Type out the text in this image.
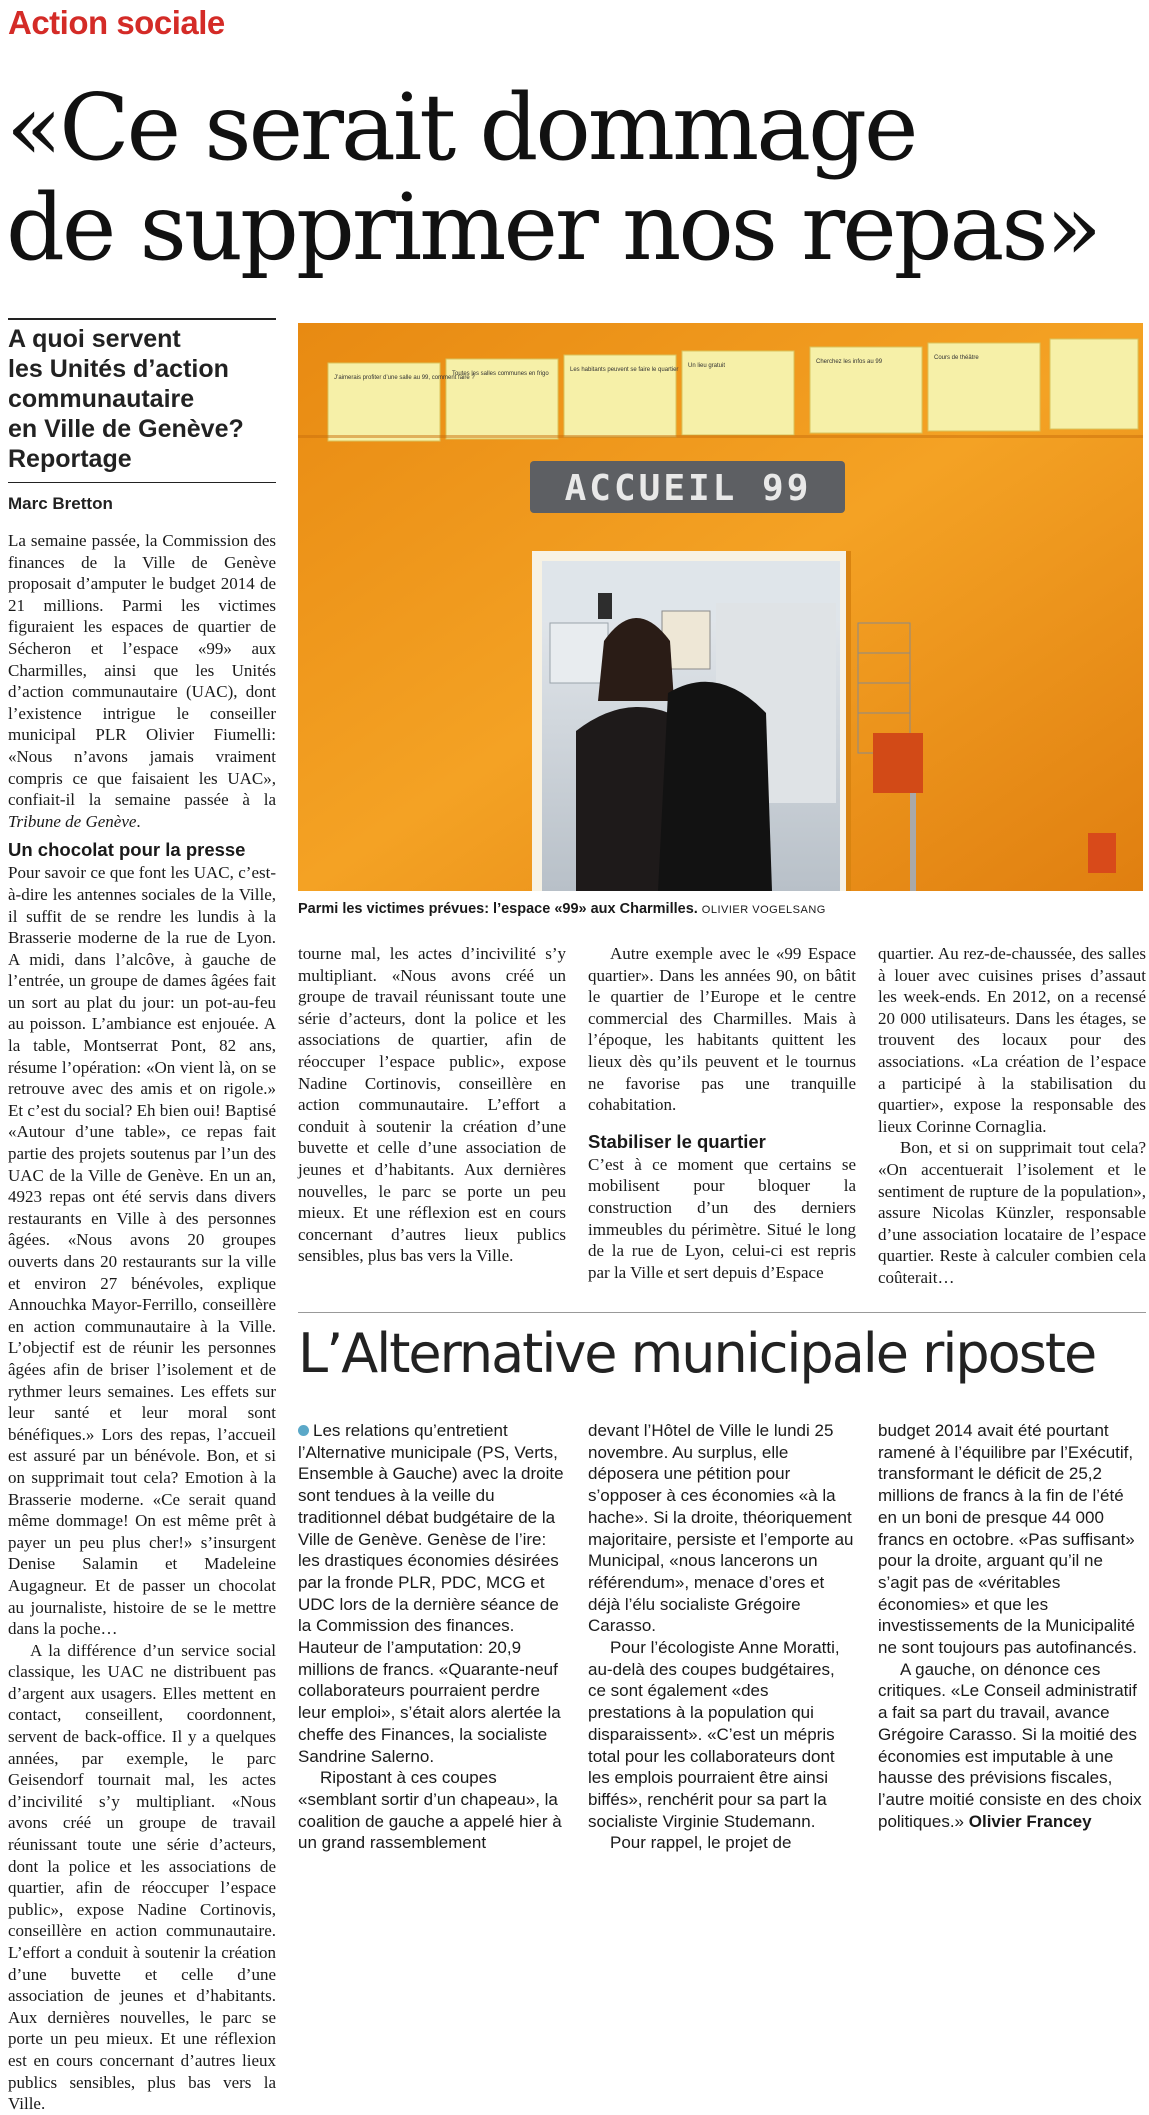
Action sociale
«Ce serait dommage
de supprimer nos repas»
A quoi servent
les Unités d’action
communautaire
en Ville de Genève?
Reportage
Marc Bretton

La semaine passée, la Commission des finances de la Ville de Genève proposait d’amputer le budget 2014 de 21 millions. Parmi les victimes figuraient les espaces de quartier de Sécheron et l’espace «99» aux Charmilles, ainsi que les Unités d’action communautaire (UAC), dont l’existence intrigue le conseiller municipal PLR Olivier Fiumelli: «Nous n’avons jamais vraiment compris ce que faisaient les UAC», confiait-il la semaine passée à la Tribune de Genève.

Un chocolat pour la presse

Pour savoir ce que font les UAC, c’est-à-dire les antennes sociales de la Ville, il suffit de se rendre les lundis à la Brasserie moderne de la rue de Lyon. A midi, dans l’alcôve, à gauche de l’entrée, un groupe de dames âgées fait un sort au plat du jour: un pot-au-feu au poisson. L’ambiance est enjouée. A la table, Montserrat Pont, 82 ans, résume l’opération: «On vient là, on se retrouve avec des amis et on rigole.» Et c’est du social? Eh bien oui! Baptisé «Autour d’une table», ce repas fait partie des projets soutenus par l’un des UAC de la Ville de Genève. En un an, 4923 repas ont été servis dans divers restaurants en Ville à des personnes âgées. «Nous avons 20 groupes ouverts dans 20 restaurants sur la ville et environ 27 bénévoles, explique Annouchka Mayor-Ferrillo, conseillère en action communautaire à la Ville. L’objectif est de réunir les personnes âgées afin de briser l’isolement et de rythmer leurs semaines. Les effets sur leur santé et leur moral sont bénéfiques.» Lors des repas, l’accueil est assuré par un bénévole. Bon, et si on supprimait tout cela? Emotion à la Brasserie moderne. «Ce serait quand même dommage! On est même prêt à payer un peu plus cher!» s’insurgent Denise Salamin et Madeleine Augagneur. Et de passer un chocolat au journaliste, histoire de se le mettre dans la poche…

A la différence d’un service social classique, les UAC ne distribuent pas d’argent aux usagers. Elles mettent en contact, conseillent, coordonnent, servent de back-office. Il y a quelques années, par exemple, le parc Geisendorf tournait mal, les actes d’incivilité s’y multipliant. «Nous avons créé un groupe de travail réunissant toute une série d’acteurs, dont la police et les associations de quartier, afin de réoccuper l’espace public», expose Nadine Cortinovis, conseillère en action communautaire. L’effort a conduit à soutenir la création d’une buvette et celle d’une association de jeunes et d’habitants. Aux dernières nouvelles, le parc se porte un peu mieux. Et une réflexion est en cours concernant d’autres lieux publics sensibles, plus bas vers la Ville.

J’aimerais profiter d’une salle au 99, comment faire ?
Toutes les salles communes en frigo
Les habitants peuvent se faire le quartier
Un lieu gratuit
Cherchez les infos au 99
Cours de théâtre
ACCUEIL 99
Parmi les victimes prévues: l’espace «99» aux Charmilles. OLIVIER VOGELSANG

tourne mal, les actes d’incivilité s’y multipliant. «Nous avons créé un groupe de travail réunissant toute une série d’acteurs, dont la police et les associations de quartier, afin de réoccuper l’espace public», expose Nadine Cortinovis, conseillère en action communautaire. L’effort a conduit à soutenir la création d’une buvette et celle d’une association de jeunes et d’habitants. Aux dernières nouvelles, le parc se porte un peu mieux. Et une réflexion est en cours concernant d’autres lieux publics sensibles, plus bas vers la Ville.

Autre exemple avec le «99 Espace quartier». Dans les années 90, on bâtit le quartier de l’Europe et le centre commercial des Charmilles. Mais à l’époque, les habitants quittent les lieux dès qu’ils peuvent et le tournus ne favorise pas une tranquille cohabitation.

Stabiliser le quartier

C’est à ce moment que certains se mobilisent pour bloquer la construction d’un des derniers immeubles du périmètre. Situé le long de la rue de Lyon, celui-ci est repris par la Ville et sert depuis d’Espace

quartier. Au rez-de-chaussée, des salles à louer avec cuisines prises d’assaut les week-ends. En 2012, on a recensé 20 000 utilisateurs. Dans les étages, se trouvent des locaux pour des associations. «La création de l’espace a participé à la stabilisation du quartier», expose la responsable des lieux Corinne Cornaglia.

Bon, et si on supprimait tout cela? «On accentuerait l’isolement et le sentiment de rupture de la population», assure Nicolas Künzler, responsable d’une association locataire de l’espace quartier. Reste à calculer combien cela coûterait…

L’Alternative municipale riposte

Les relations qu’entretient l’Alternative municipale (PS, Verts, Ensemble à Gauche) avec la droite sont tendues à la veille du traditionnel débat budgétaire de la Ville de Genève. Genèse de l’ire: les drastiques économies désirées par la fronde PLR, PDC, MCG et UDC lors de la dernière séance de la Commission des finances. Hauteur de l’amputation: 20,9 millions de francs. «Quarante-neuf collaborateurs pourraient perdre leur emploi», s’était alors alertée la cheffe des Finances, la socialiste Sandrine Salerno.

Ripostant à ces coupes «semblant sortir d’un chapeau», la coalition de gauche a appelé hier à un grand rassemblement

devant l’Hôtel de Ville le lundi 25 novembre. Au surplus, elle déposera une pétition pour s’opposer à ces économies «à la hache». Si la droite, théoriquement majoritaire, persiste et l’emporte au Municipal, «nous lancerons un référendum», menace d’ores et déjà l’élu socialiste Grégoire Carasso.

Pour l’écologiste Anne Moratti, au-delà des coupes budgétaires, ce sont également «des prestations à la population qui disparaissent». «C’est un mépris total pour les collaborateurs dont les emplois pourraient être ainsi biffés», renchérit pour sa part la socialiste Virginie Studemann.

Pour rappel, le projet de

budget 2014 avait été pourtant ramené à l’équilibre par l’Exécutif, transformant le déficit de 25,2 millions de francs à la fin de l’été en un boni de presque 44 000 francs en octobre. «Pas suffisant» pour la droite, arguant qu’il ne s’agit pas de «véritables économies» et que les investissements de la Municipalité ne sont toujours pas autofinancés.

A gauche, on dénonce ces critiques. «Le Conseil administratif a fait sa part du travail, avance Grégoire Carasso. Si la moitié des économies est imputable à une hausse des prévisions fiscales, l’autre moitié consiste en des choix politiques.» Olivier Francey
